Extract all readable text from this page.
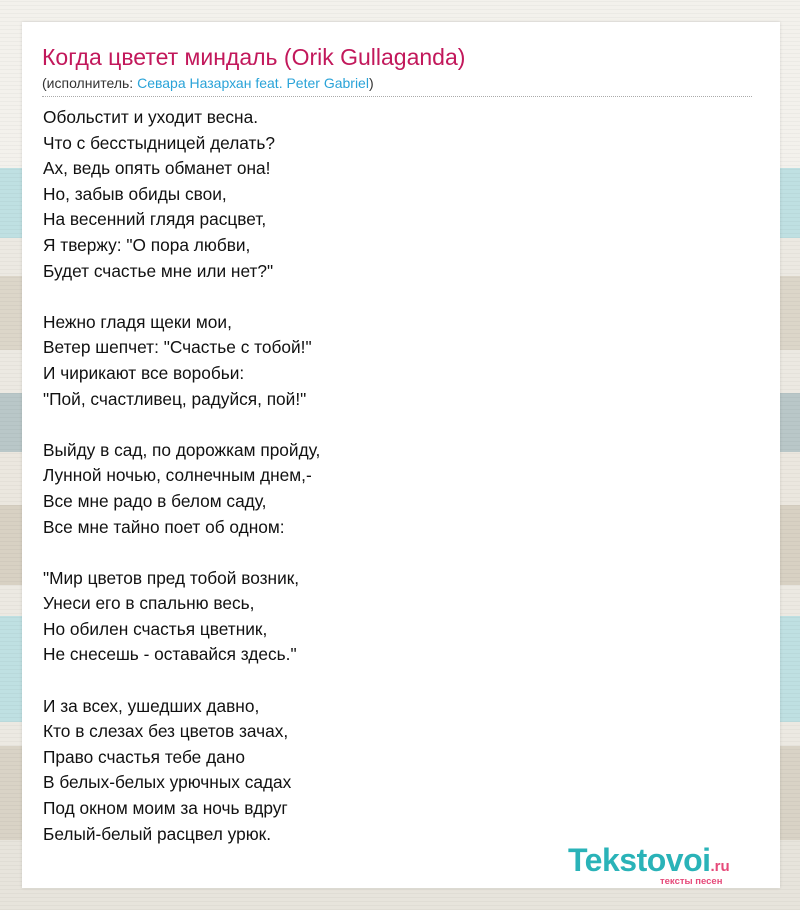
Когда цветет миндаль (Orik Gullaganda)
(исполнитель: Севара Назархан feat. Peter Gabriel)
Обольстит и уходит весна.
Что с бесстыдницей делать?
Ах, ведь опять обманет она!
Но, забыв обиды свои,
На весенний глядя расцвет,
Я твержу: "О пора любви,
Будет счастье мне или нет?"
Нежно гладя щеки мои,
Ветер шепчет: "Счастье с тобой!"
И чирикают все воробьи:
"Пой, счастливец, радуйся, пой!"
Выйду в сад, по дорожкам пройду,
Лунной ночью, солнечным днем,-
Все мне радо в белом саду,
Все мне тайно поет об одном:
"Мир цветов пред тобой возник,
Унеси его в спальню весь,
Но обилен счастья цветник,
Не снесешь - оставайся здесь."
И за всех, ушедших давно,
Кто в слезах без цветов зачах,
Право счастья тебе дано
В белых-белых урючных садах
Под окном моим за ночь вдруг
Белый-белый расцвел урюк.
Tekstovoi.ru
тексты песен
